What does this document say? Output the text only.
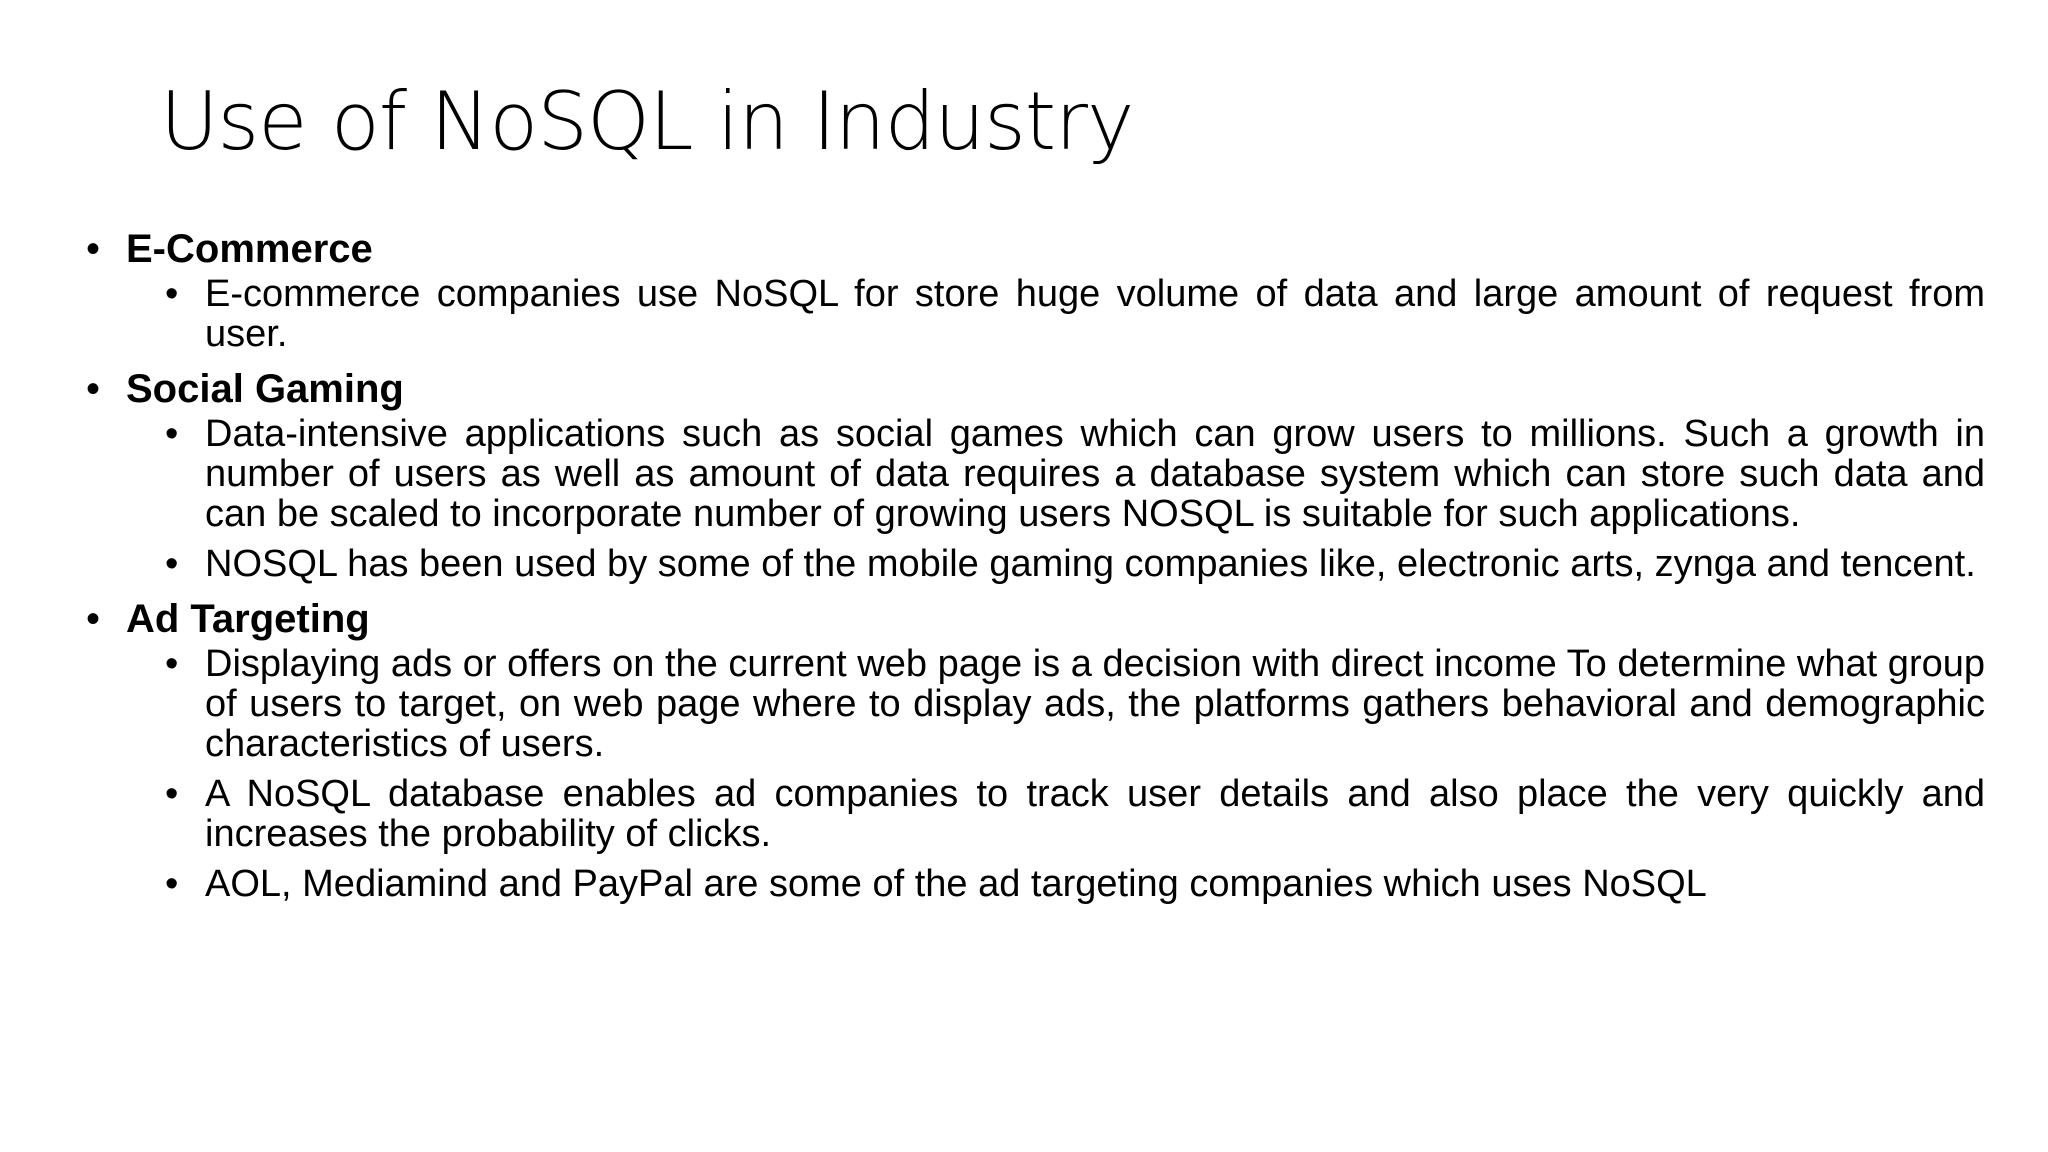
Use of NoSQL in Industry
• E-Commerce
• E-commerce companies use NoSQL for store huge volume of data and large amount of request from user.
• Social Gaming
• Data-intensive applications such as social games which can grow users to millions. Such a growth in number of users as well as amount of data requires a database system which can store such data and can be scaled to incorporate number of growing users NOSQL is suitable for such applications.
• NOSQL has been used by some of the mobile gaming companies like, electronic arts, zynga and tencent.
• Ad Targeting
• Displaying ads or offers on the current web page is a decision with direct income To determine what group of users to target, on web page where to display ads, the platforms gathers behavioral and demographic characteristics of users.
• A NoSQL database enables ad companies to track user details and also place the very quickly and increases the probability of clicks.
• AOL, Mediamind and PayPal are some of the ad targeting companies which uses NoSQL
